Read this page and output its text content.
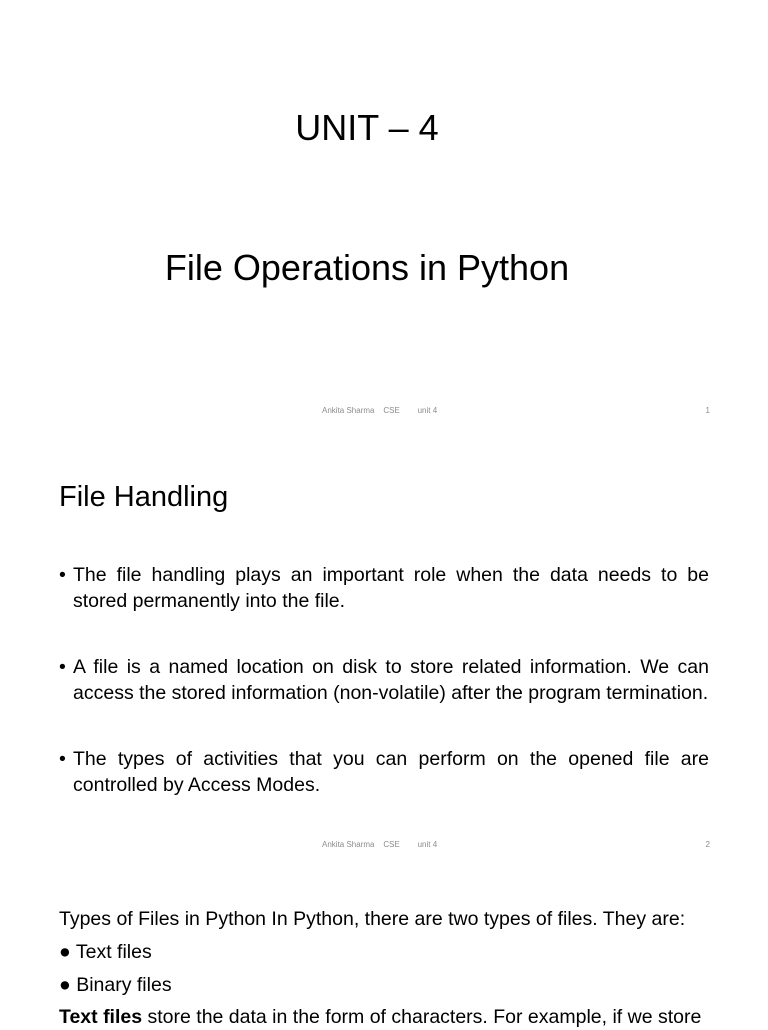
UNIT – 4
File Operations in Python
Ankita Sharma CSE unit 4	1
File Handling
• The file handling plays an important role when the data needs to be stored permanently into the file.
• A file is a named location on disk to store related information. We can access the stored information (non-volatile) after the program termination.
• The types of activities that you can perform on the opened file are controlled by Access Modes.
Ankita Sharma CSE unit 4	2
Types of Files in Python In Python, there are two types of files. They are:
● Text files
● Binary files
Text files store the data in the form of characters. For example, if we store
